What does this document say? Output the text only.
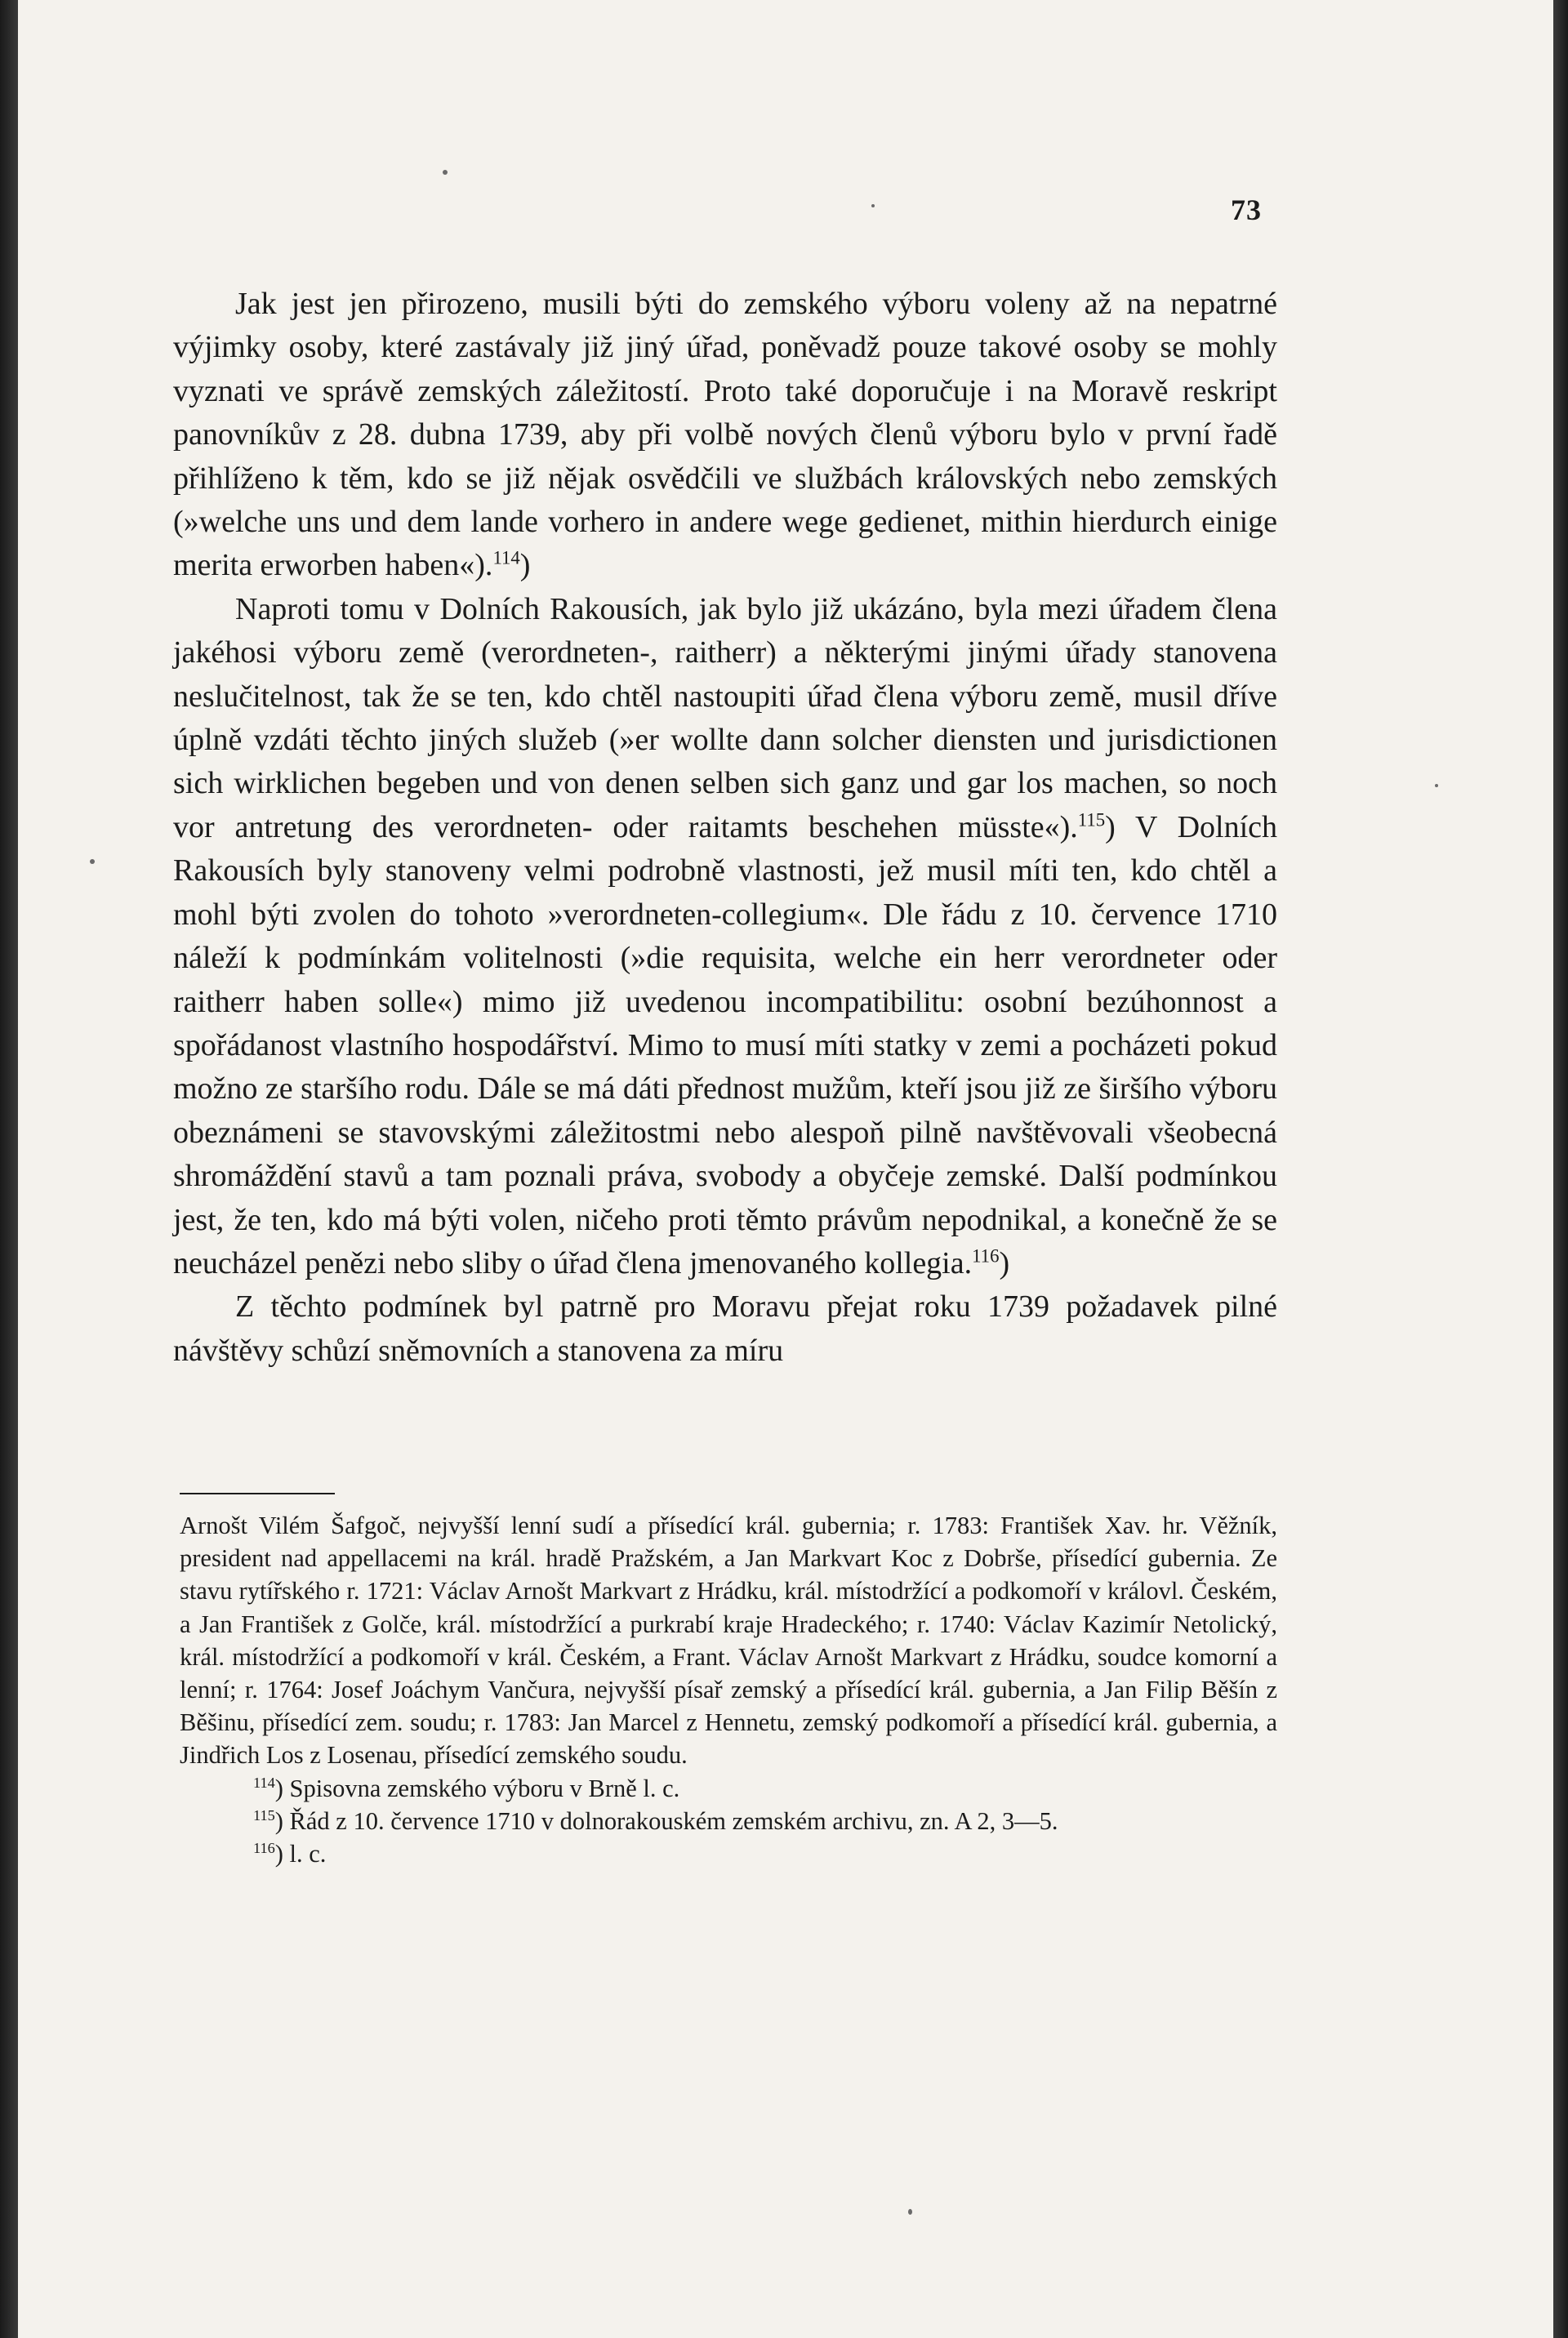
73

Jak jest jen přirozeno, musili býti do zemského výboru voleny až na nepatrné výjimky osoby, které zastávaly již jiný úřad, poněvadž pouze takové osoby se mohly vyznati ve správě zemských záležitostí. Proto také doporučuje i na Moravě reskript panovníkův z 28. dubna 1739, aby při volbě nových členů výboru bylo v první řadě přihlíženo k těm, kdo se již nějak osvědčili ve službách královských nebo zemských (»welche uns und dem lande vorhero in andere wege gedienet, mithin hierdurch einige merita erworben haben«).$^{114}$)

Naproti tomu v Dolních Rakousích, jak bylo již ukázáno, byla mezi úřadem člena jakéhosi výboru země (verordneten-, raitherr) a některými jinými úřady stanovena neslučitelnost, tak že se ten, kdo chtěl nastoupiti úřad člena výboru země, musil dříve úplně vzdáti těchto jiných služeb (»er wollte dann solcher diensten und jurisdictionen sich wirklichen begeben und von denen selben sich ganz und gar los machen, so noch vor antretung des verordneten- oder raitamts beschehen müsste«).$^{115}$) V Dolních Rakousích byly stanoveny velmi podrobně vlastnosti, jež musil míti ten, kdo chtěl a mohl býti zvolen do tohoto »verordneten-collegium«. Dle řádu z 10. července 1710 náleží k podmínkám volitelnosti (»die requisita, welche ein herr verordneter oder raitherr haben solle«) mimo již uvedenou incompatibilitu: osobní bezúhonnost a spořádanost vlastního hospodářství. Mimo to musí míti statky v zemi a pocházeti pokud možno ze staršího rodu. Dále se má dáti přednost mužům, kteří jsou již ze širšího výboru obeznámeni se stavovskými záležitostmi nebo alespoň pilně navštěvovali všeobecná shromáždění stavů a tam poznali práva, svobody a obyčeje zemské. Další podmínkou jest, že ten, kdo má býti volen, ničeho proti těmto právům nepodnikal, a konečně že se neucházel penězi nebo sliby o úřad člena jmenovaného kollegia.$^{116}$)

Z těchto podmínek byl patrně pro Moravu přejat roku 1739 požadavek pilné návštěvy schůzí sněmovních a stanovena za míru

Arnošt Vilém Šafgoč, nejvyšší lenní sudí a přísedící král. gubernia; r. 1783: František Xav. hr. Věžník, president nad appellacemi na král. hradě Pražském, a Jan Markvart Koc z Dobrše, přísedící gubernia. Ze stavu rytířského r. 1721: Václav Arnošt Markvart z Hrádku, král. místodržící a podkomoří v královl. Českém, a Jan František z Golče, král. místodržící a purkrabí kraje Hradeckého; r. 1740: Václav Kazimír Netolický, král. místodržící a podkomoří v král. Českém, a Frant. Václav Arnošt Markvart z Hrádku, soudce komorní a lenní; r. 1764: Josef Joáchym Vančura, nejvyšší písař zemský a přísedící král. gubernia, a Jan Filip Běšín z Běšinu, přísedící zem. soudu; r. 1783: Jan Marcel z Hennetu, zemský podkomoří a přísedící král. gubernia, a Jindřich Los z Losenau, přísedící zemského soudu.

$^{114}$) Spisovna zemského výboru v Brně l. c.

$^{115}$) Řád z 10. července 1710 v dolnorakouském zemském archivu, zn. A 2, 3—5.

$^{116}$) l. c.
